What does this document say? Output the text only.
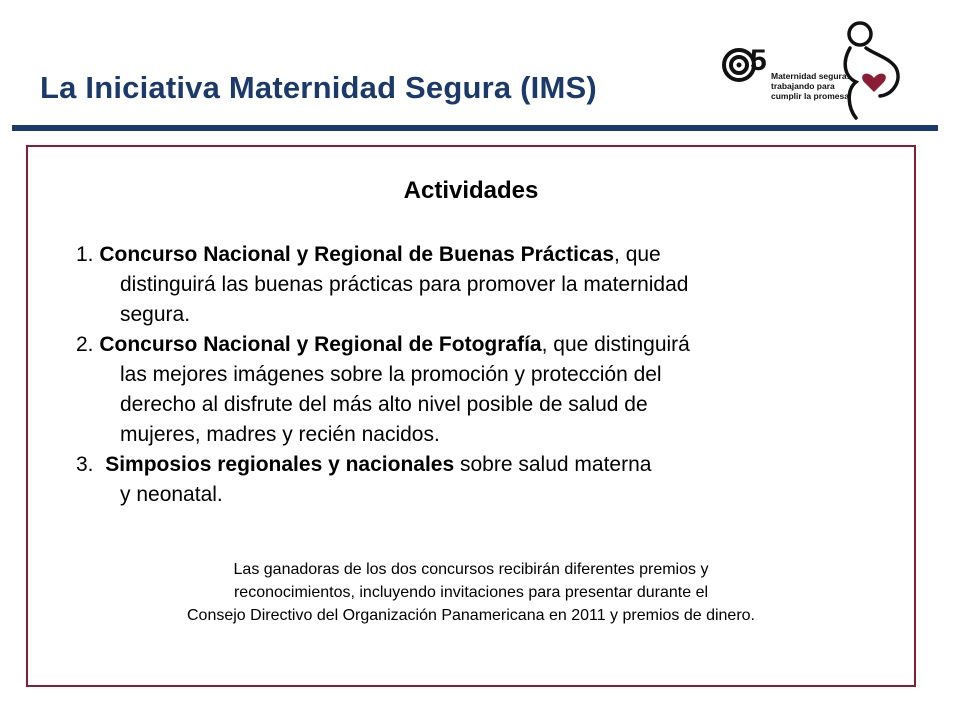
La Iniciativa Maternidad Segura (IMS)
5 Maternidad segura:
trabajando para
cumplir la promesa
Actividades
1. Concurso Nacional y Regional de Buenas Prácticas, que
distinguirá las buenas prácticas para promover la maternidad
segura.
2. Concurso Nacional y Regional de Fotografía, que distinguirá
las mejores imágenes sobre la promoción y protección del
derecho al disfrute del más alto nivel posible de salud de
mujeres, madres y recién nacidos.
3.  Simposios regionales y nacionales sobre salud materna
y neonatal.
Las ganadoras de los dos concursos recibirán diferentes premios y
reconocimientos, incluyendo invitaciones para presentar durante el
Consejo Directivo del Organización Panamericana en 2011 y premios de dinero.
